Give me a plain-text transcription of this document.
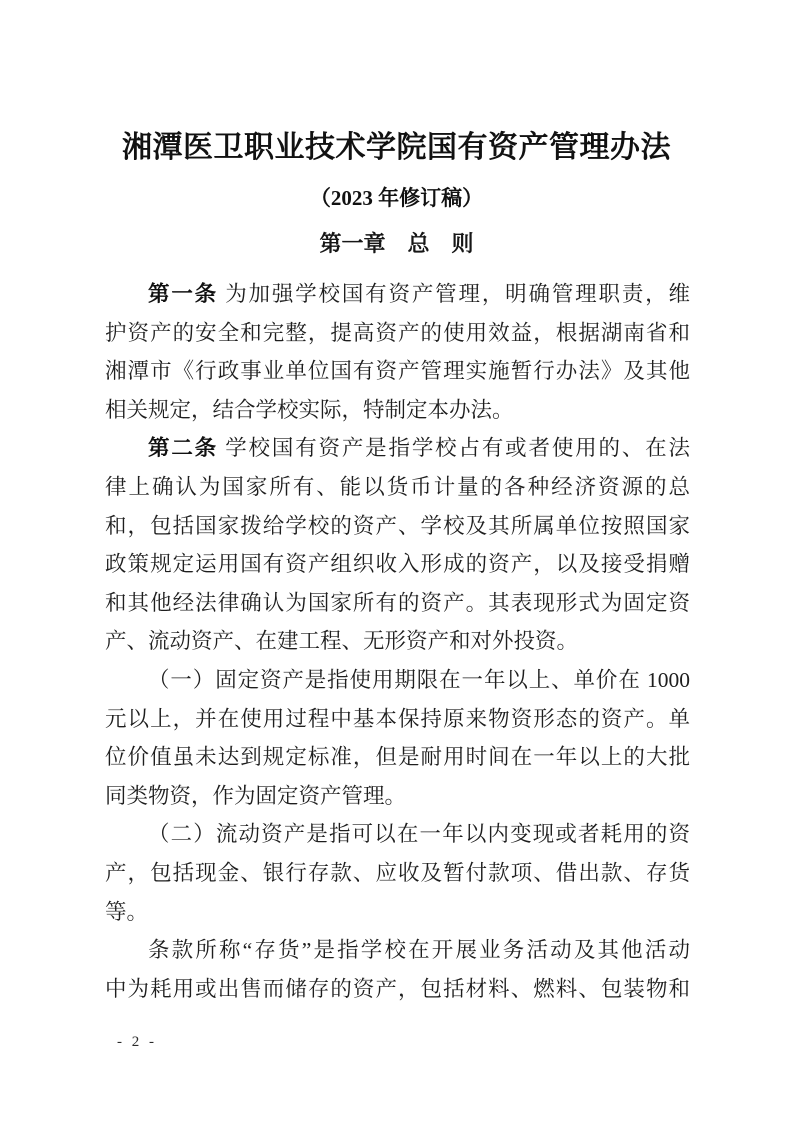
湘潭医卫职业技术学院国有资产管理办法
（2023 年修订稿）
第一章　总　则
第一条 为加强学校国有资产管理，明确管理职责，维
护资产的安全和完整，提高资产的使用效益，根据湖南省和
湘潭市《行政事业单位国有资产管理实施暂行办法》及其他
相关规定，结合学校实际，特制定本办法。
第二条 学校国有资产是指学校占有或者使用的、在法
律上确认为国家所有、能以货币计量的各种经济资源的总
和，包括国家拨给学校的资产、学校及其所属单位按照国家
政策规定运用国有资产组织收入形成的资产，以及接受捐赠
和其他经法律确认为国家所有的资产。其表现形式为固定资
产、流动资产、在建工程、无形资产和对外投资。
（一）固定资产是指使用期限在一年以上、单价在 1000
元以上，并在使用过程中基本保持原来物资形态的资产。单
位价值虽未达到规定标准，但是耐用时间在一年以上的大批
同类物资，作为固定资产管理。
（二）流动资产是指可以在一年以内变现或者耗用的资
产，包括现金、银行存款、应收及暂付款项、借出款、存货
等。
条款所称“存货”是指学校在开展业务活动及其他活动
中为耗用或出售而储存的资产，包括材料、燃料、包装物和
- 2 -
